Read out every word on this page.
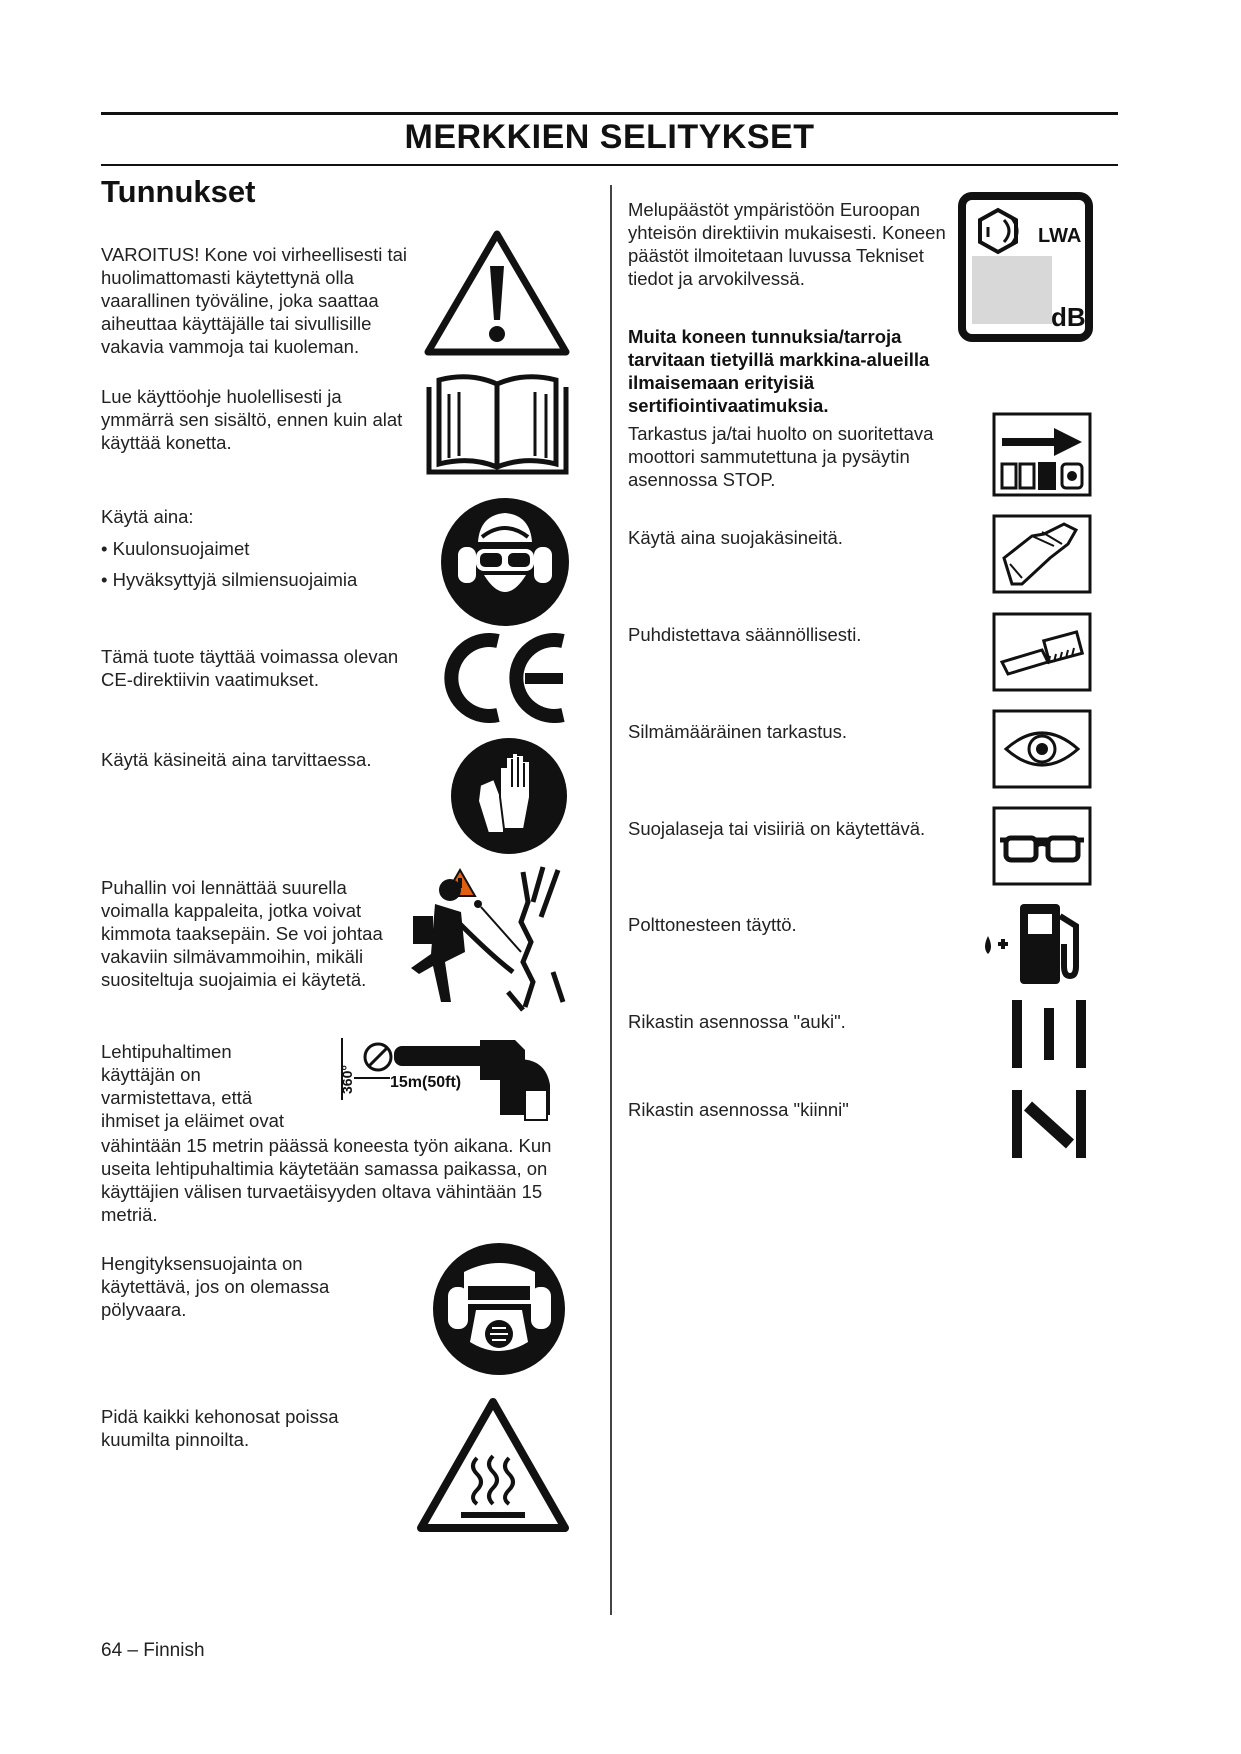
MERKKIEN SELITYKSET
Tunnukset
VAROITUS! Kone voi virheellisesti tai huolimattomasti käytettynä olla vaarallinen työväline, joka saattaa aiheuttaa käyttäjälle tai sivullisille vakavia vammoja tai kuoleman.
Lue käyttöohje huolellisesti ja ymmärrä sen sisältö, ennen kuin alat käyttää konetta.
Käytä aina:
• Kuulonsuojaimet
• Hyväksyttyjä silmiensuojaimia
Tämä tuote täyttää voimassa olevan CE-direktiivin vaatimukset.
Käytä käsineitä aina tarvittaessa.
Puhallin voi lennättää suurella voimalla kappaleita, jotka voivat kimmota taaksepäin. Se voi johtaa vakaviin silmävammoihin, mikäli suositeltuja suojaimia ei käytetä.
Lehtipuhaltimen
käyttäjän on
varmistettava, että
ihmiset ja eläimet ovat
360° 15m(50ft)
vähintään 15 metrin päässä koneesta työn aikana. Kun useita lehtipuhaltimia käytetään samassa paikassa, on käyttäjien välisen turvaetäisyyden oltava vähintään 15 metriä.
Hengityksensuojainta on käytettävä, jos on olemassa pölyvaara.
Pidä kaikki kehonosat poissa kuumilta pinnoilta.
Melupäästöt ympäristöön Euroopan yhteisön direktiivin mukaisesti. Koneen päästöt ilmoitetaan luvussa Tekniset tiedot ja arvokilvessä.
LWA
dB
Muita koneen tunnuksia/tarroja tarvitaan tietyillä markkina-alueilla ilmaisemaan erityisiä sertifiointivaatimuksia.
Tarkastus ja/tai huolto on suoritettava moottori sammutettuna ja pysäytin asennossa STOP.
Käytä aina suojakäsineitä.
Puhdistettava säännöllisesti.
Silmämääräinen tarkastus.
Suojalaseja tai visiiriä on käytettävä.
Polttonesteen täyttö.
Rikastin asennossa "auki".
Rikastin asennossa "kiinni"
64 – Finnish
